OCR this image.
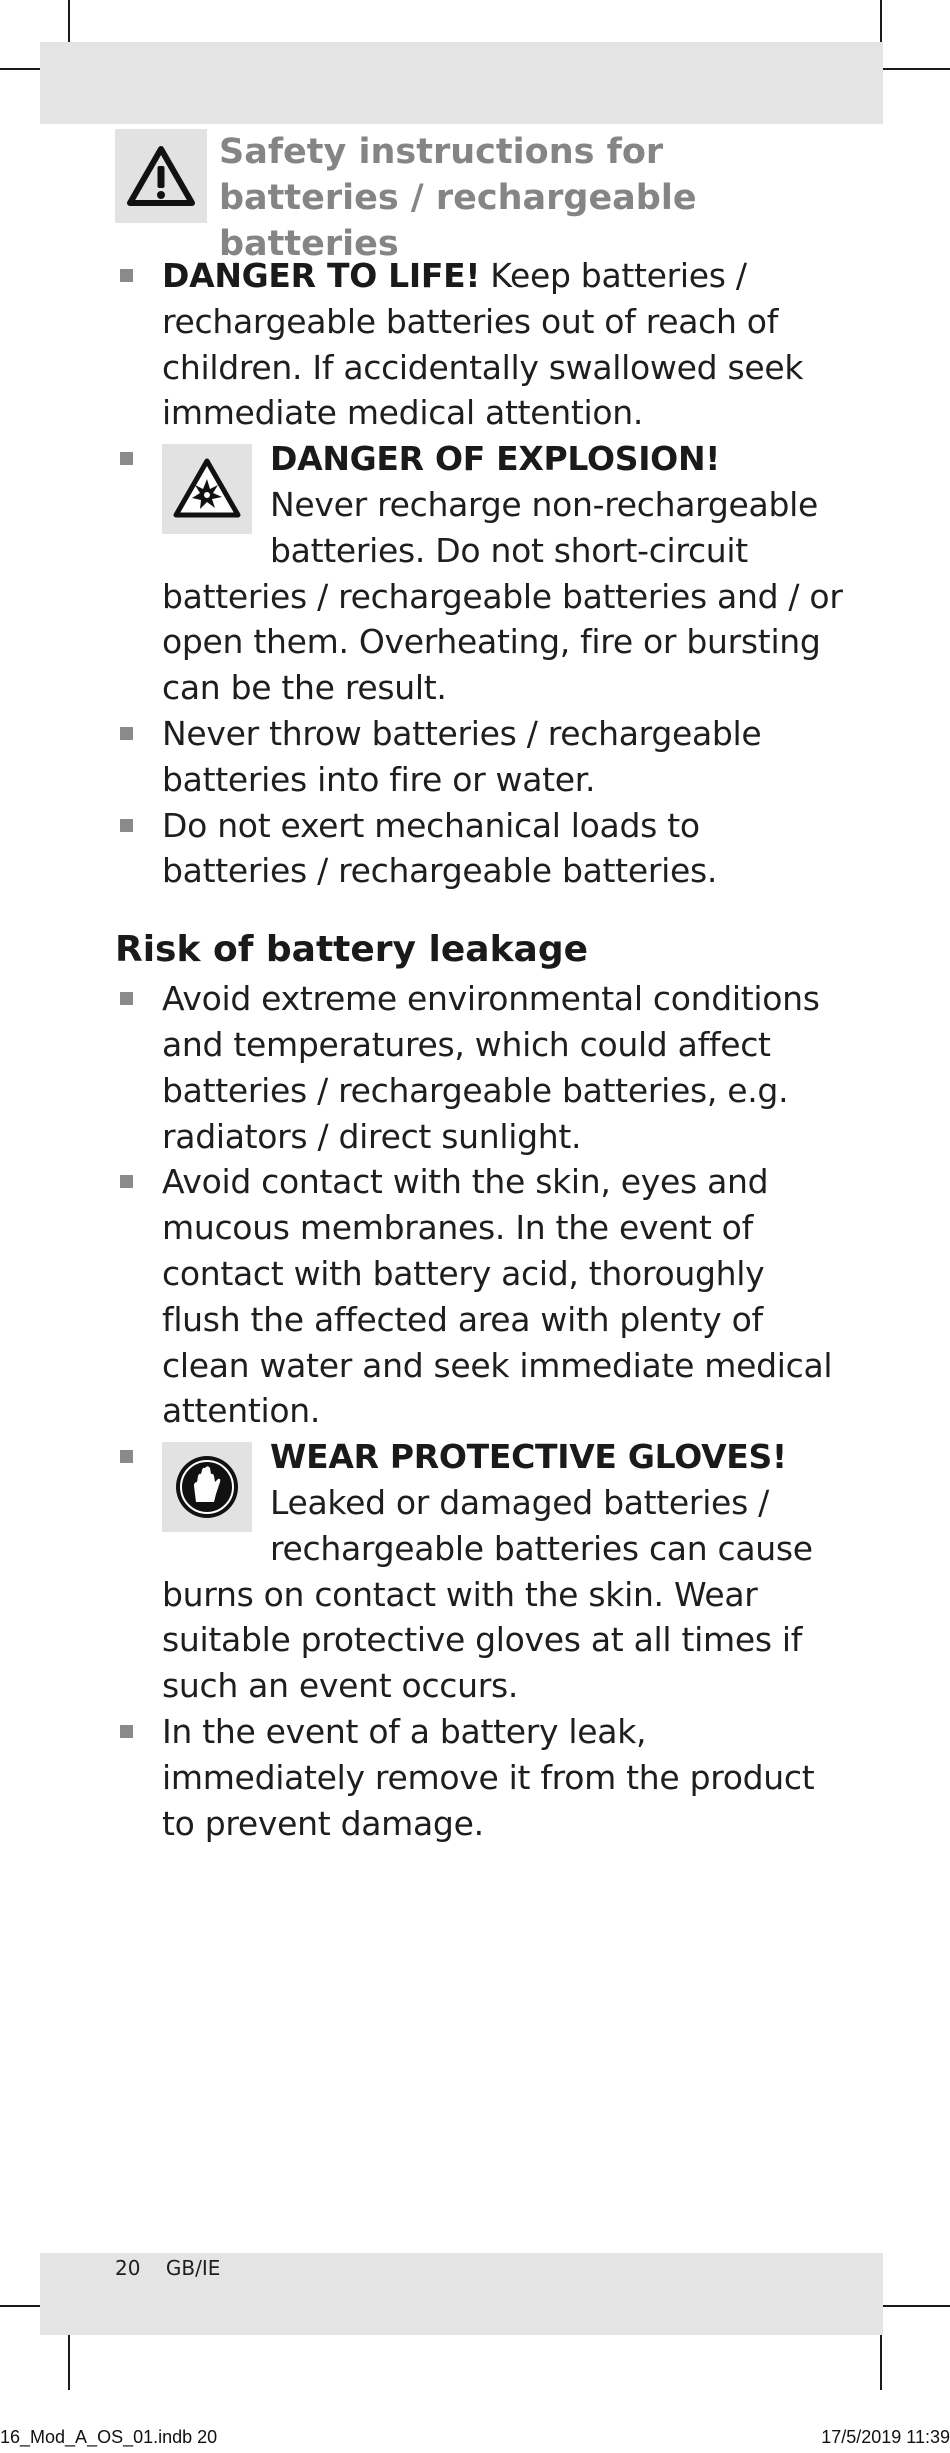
Safety instructions for batteries / rechargeable batteries
DANGER TO LIFE! Keep batteries / rechargeable batteries out of reach of children. If accidentally swallowed seek immediate medical attention.
DANGER OF EXPLOSION!
Never recharge non-rechargeable batteries. Do not short-circuit batteries / rechargeable batteries and / or open them. Overheating, fire or bursting can be the result.
Never throw batteries / rechargeable batteries into fire or water.
Do not exert mechanical loads to batteries / rechargeable batteries.
Risk of battery leakage
Avoid extreme environmental conditions and temperatures, which could affect batteries / rechargeable batteries, e.g. radiators / direct sunlight.
Avoid contact with the skin, eyes and mucous membranes. In the event of contact with battery acid, thoroughly flush the affected area with plenty of clean water and seek immediate medical attention.
WEAR PROTECTIVE GLOVES!
Leaked or damaged batteries / rechargeable batteries can cause burns on contact with the skin. Wear suitable protective gloves at all times if such an event occurs.
In the event of a battery leak, immediately remove it from the product to prevent damage.
20 GB/IE
16_Mod_A_OS_01.indb 20	17/5/2019 11:39
